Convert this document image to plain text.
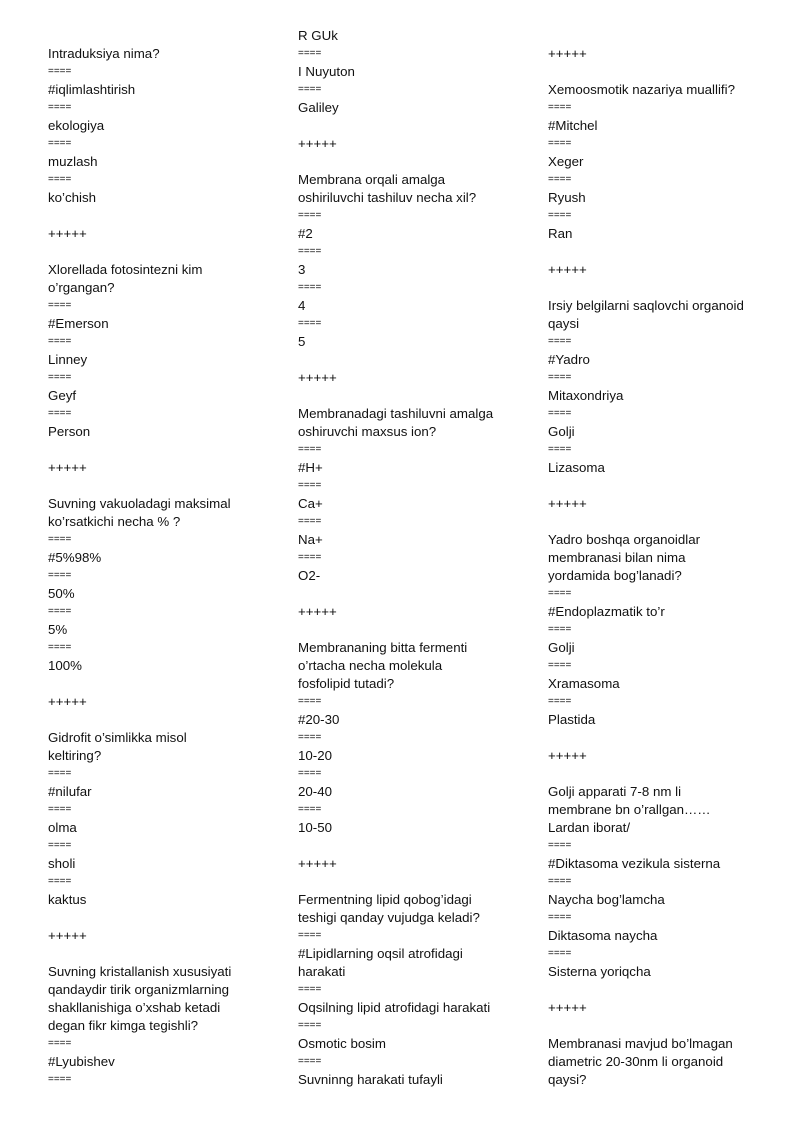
Intraduksiya nima?
====
#iqlimlashtirish
====
ekologiya
====
muzlash
====
ko’chish
+++++
Xlorellada fotosintezni kim
o’rgangan?
====
#Emerson
====
Linney
====
Geyf
====
Person
+++++
Suvning vakuoladagi maksimal
ko’rsatkichi necha % ?
====
#5%98%
====
50%
====
5%
====
100%
+++++
Gidrofit o’simlikka misol
keltiring?
====
#nilufar
====
olma
====
sholi
====
kaktus
+++++
Suvning kristallanish xususiyati
qandaydir tirik organizmlarning
shakllanishiga o’xshab ketadi
degan fikr kimga tegishli?
====
#Lyubishev
====
R GUk
====
I Nuyuton
====
Galiley
+++++
Membrana orqali amalga
oshiriluvchi tashiluv necha xil?
====
#2
====
3
====
4
====
5
+++++
Membranadagi tashiluvni amalga
oshiruvchi maxsus ion?
====
#H+
====
Ca+
====
Na+
====
O2-
+++++
Membrananing bitta fermenti
o’rtacha necha molekula
fosfolipid tutadi?
====
#20-30
====
10-20
====
20-40
====
10-50
+++++
Fermentning lipid qobog’idagi
teshigi qanday vujudga keladi?
====
#Lipidlarning oqsil atrofidagi
harakati
====
Oqsilning lipid atrofidagi harakati
====
Osmotic bosim
====
Suvninng harakati tufayli
+++++
Xemoosmotik nazariya muallifi?
====
#Mitchel
====
Xeger
====
Ryush
====
Ran
+++++
Irsiy belgilarni saqlovchi organoid
qaysi
====
#Yadro
====
Mitaxondriya
====
Golji
====
Lizasoma
+++++
Yadro boshqa organoidlar
membranasi bilan nima
yordamida bog’lanadi?
====
#Endoplazmatik to’r
====
Golji
====
Xramasoma
====
Plastida
+++++
Golji apparati 7-8 nm li
membrane bn o’rallgan……
Lardan iborat/
====
#Diktasoma vezikula sisterna
====
Naycha bog’lamcha
====
Diktasoma naycha
====
Sisterna yoriqcha
+++++
Membranasi mavjud bo’lmagan
diametric 20-30nm li organoid
qaysi?
